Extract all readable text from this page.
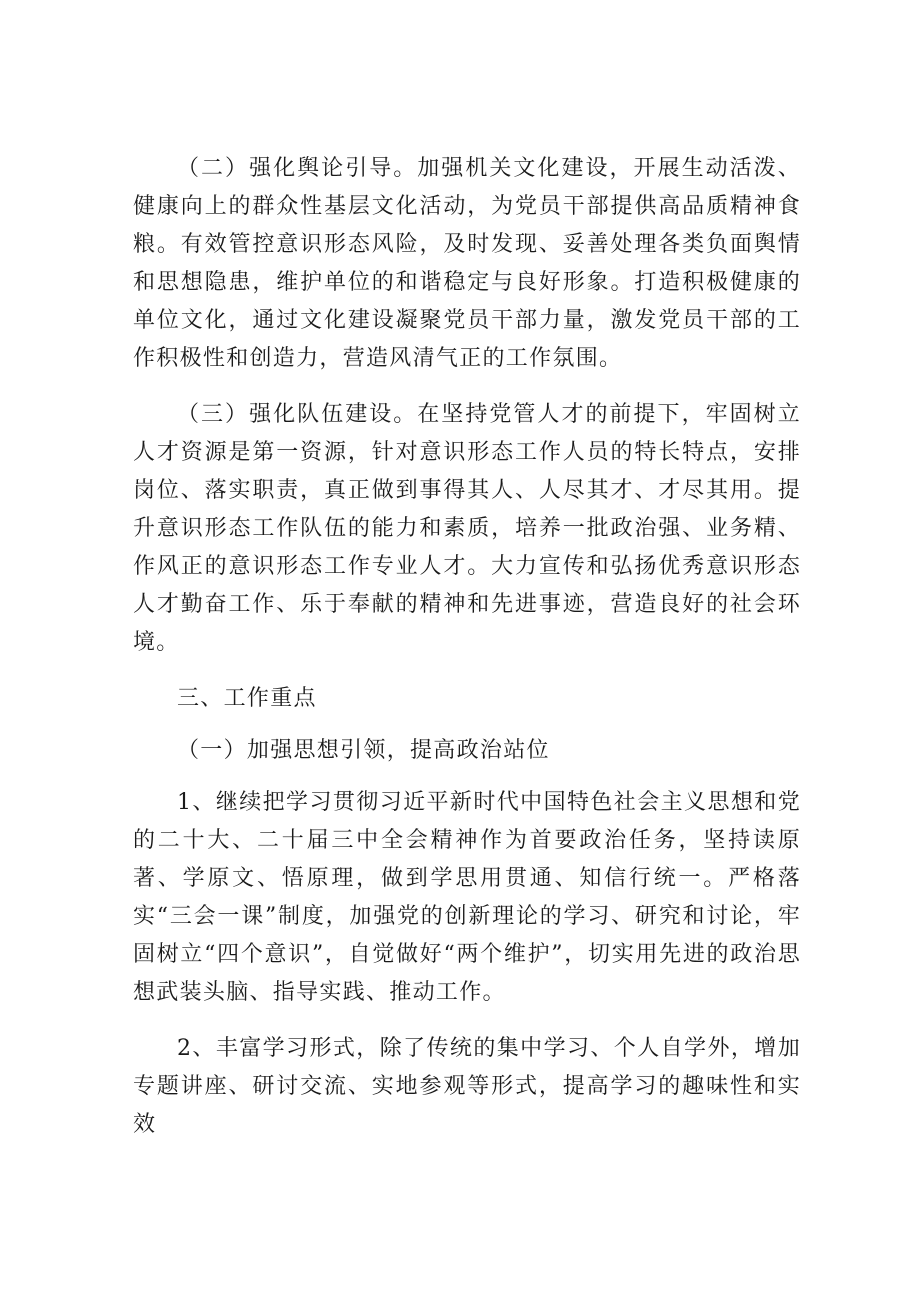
（二）强化舆论引导。加强机关文化建设，开展生动活泼、健康向上的群众性基层文化活动，为党员干部提供高品质精神食粮。有效管控意识形态风险，及时发现、妥善处理各类负面舆情和思想隐患，维护单位的和谐稳定与良好形象。打造积极健康的单位文化，通过文化建设凝聚党员干部力量，激发党员干部的工作积极性和创造力，营造风清气正的工作氛围。

（三）强化队伍建设。在坚持党管人才的前提下，牢固树立人才资源是第一资源，针对意识形态工作人员的特长特点，安排岗位、落实职责，真正做到事得其人、人尽其才、才尽其用。提升意识形态工作队伍的能力和素质，培养一批政治强、业务精、作风正的意识形态工作专业人才。大力宣传和弘扬优秀意识形态人才勤奋工作、乐于奉献的精神和先进事迹，营造良好的社会环境。

三、工作重点

（一）加强思想引领，提高政治站位

1、继续把学习贯彻习近平新时代中国特色社会主义思想和党的二十大、二十届三中全会精神作为首要政治任务，坚持读原著、学原文、悟原理，做到学思用贯通、知信行统一。严格落实“三会一课”制度，加强党的创新理论的学习、研究和讨论，牢固树立“四个意识”，自觉做好“两个维护”，切实用先进的政治思想武装头脑、指导实践、推动工作。

2、丰富学习形式，除了传统的集中学习、个人自学外，增加专题讲座、研讨交流、实地参观等形式，提高学习的趣味性和实效
